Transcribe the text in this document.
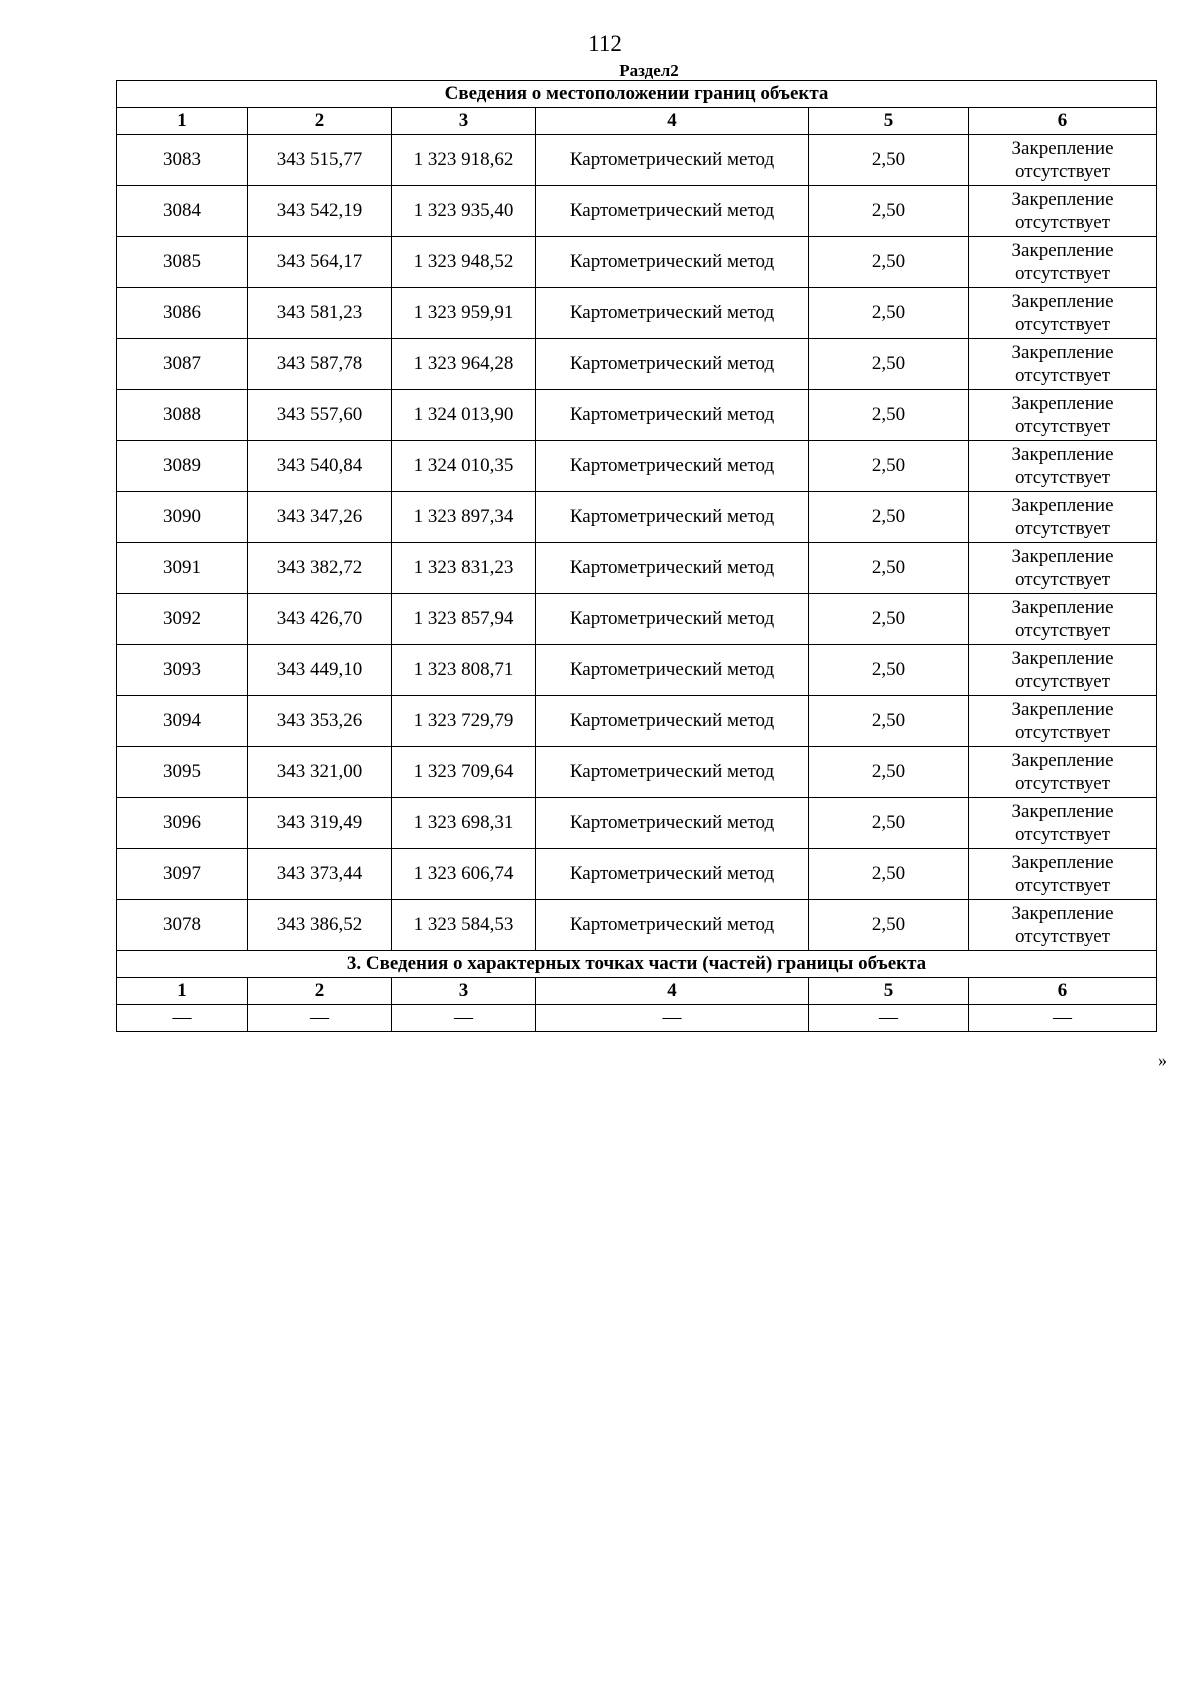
112
Раздел2
Сведения о местоположении границ объекта					
1	2	3	4	5	6
3083	343 515,77	1 323 918,62	Картометрический метод	2,50	Закрепление
отсутствует

3084	343 542,19	1 323 935,40	Картометрический метод	2,50	Закрепление
отсутствует

3085	343 564,17	1 323 948,52	Картометрический метод	2,50	Закрепление
отсутствует

3086	343 581,23	1 323 959,91	Картометрический метод	2,50	Закрепление
отсутствует

3087	343 587,78	1 323 964,28	Картометрический метод	2,50	Закрепление
отсутствует

3088	343 557,60	1 324 013,90	Картометрический метод	2,50	Закрепление
отсутствует

3089	343 540,84	1 324 010,35	Картометрический метод	2,50	Закрепление
отсутствует

3090	343 347,26	1 323 897,34	Картометрический метод	2,50	Закрепление
отсутствует

3091	343 382,72	1 323 831,23	Картометрический метод	2,50	Закрепление
отсутствует

3092	343 426,70	1 323 857,94	Картометрический метод	2,50	Закрепление
отсутствует

3093	343 449,10	1 323 808,71	Картометрический метод	2,50	Закрепление
отсутствует

3094	343 353,26	1 323 729,79	Картометрический метод	2,50	Закрепление
отсутствует

3095	343 321,00	1 323 709,64	Картометрический метод	2,50	Закрепление
отсутствует

3096	343 319,49	1 323 698,31	Картометрический метод	2,50	Закрепление
отсутствует

3097	343 373,44	1 323 606,74	Картометрический метод	2,50	Закрепление
отсутствует

3078	343 386,52	1 323 584,53	Картометрический метод	2,50	Закрепление
отсутствует

3. Сведения о характерных точках части (частей) границы объекта					
1	2	3	4	5	6
—	—	—	—	—	—
»
